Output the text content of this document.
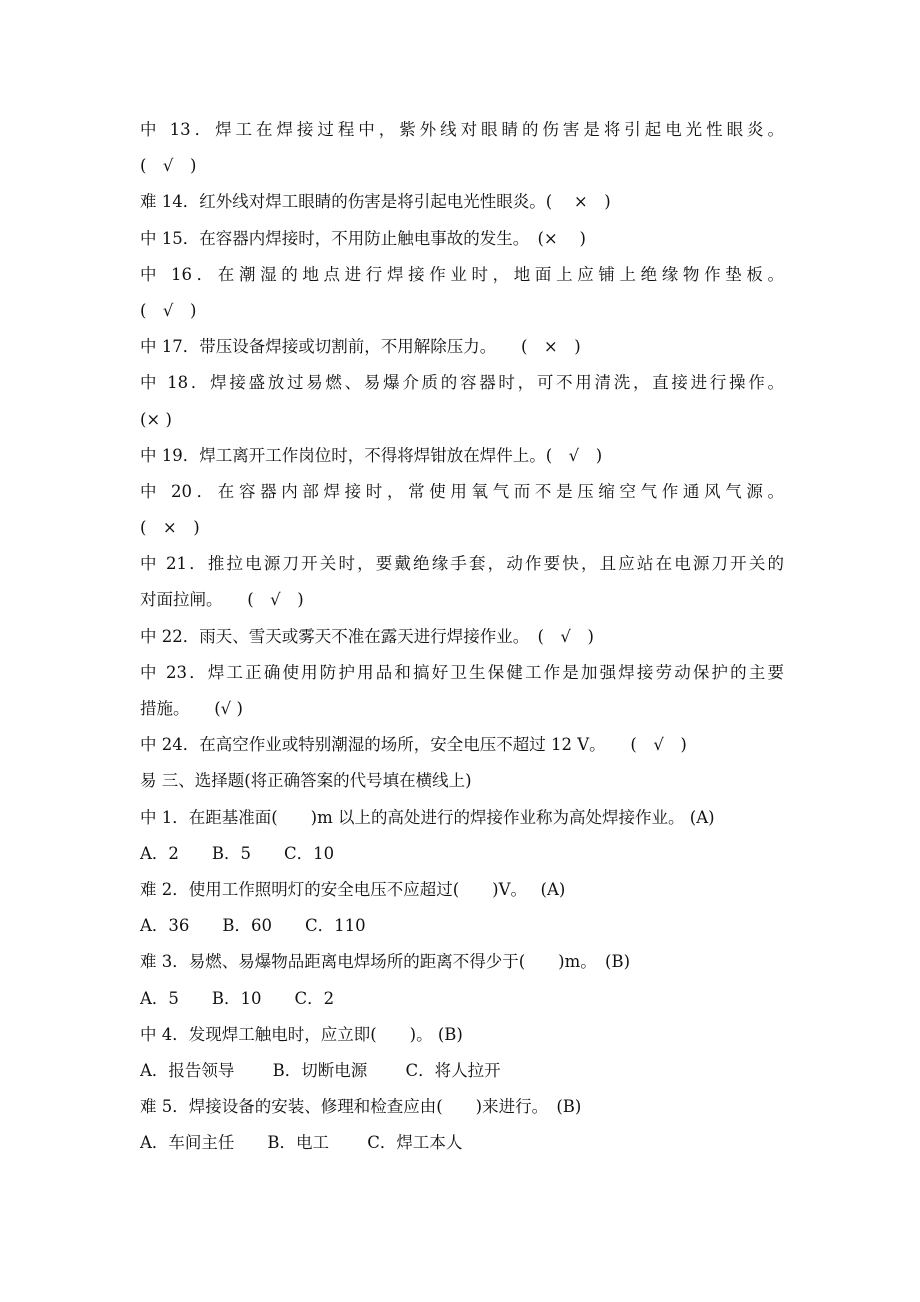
中 13．焊工在焊接过程中，紫外线对眼睛的伤害是将引起电光性眼炎。
(　√　)
难 14．红外线对焊工眼睛的伤害是将引起电光性眼炎。(　 ×　)
中 15．在容器内焊接时，不用防止触电事故的发生。　(×　 )
中 16．在潮湿的地点进行焊接作业时，地面上应铺上绝缘物作垫板。
(　√　)
中 17．带压设备焊接或切割前，不用解除压力。　　(　×　)
中 18．焊接盛放过易燃、易爆介质的容器时，可不用清洗，直接进行操作。
(× )
中 19．焊工离开工作岗位时，不得将焊钳放在焊件上。(　√　)
中 20．在容器内部焊接时，常使用氧气而不是压缩空气作通风气源。
(　×　)
中 21．推拉电源刀开关时，要戴绝缘手套，动作要快，且应站在电源刀开关的
对面拉闸。　　(　√　)
中 22．雨天、雪天或雾天不准在露天进行焊接作业。　(　√　)
中 23．焊工正确使用防护用品和搞好卫生保健工作是加强焊接劳动保护的主要
措施。　　(√ )
中 24．在高空作业或特别潮湿的场所，安全电压不超过 12 V。　　(　√　)
易 三、选择题(将正确答案的代号填在横线上)
中 1．在距基准面(　　)m 以上的高处进行的焊接作业称为高处焊接作业。 (A)
A．2　　B．5　　C．10
难 2．使用工作照明灯的安全电压不应超过(　　)V。　 (A)
A．36　　B．60　　C．110
难 3．易燃、易爆物品距离电焊场所的距离不得少于(　　)m。　(B)
A．5　　B．10　　C．2
中 4．发现焊工触电时，应立即(　　)。 (B)
A．报告领导　　 B．切断电源　　 C．将人拉开
难 5．焊接设备的安装、修理和检查应由(　　)来进行。　(B)
A．车间主任　　B．电工　　 C．焊工本人
